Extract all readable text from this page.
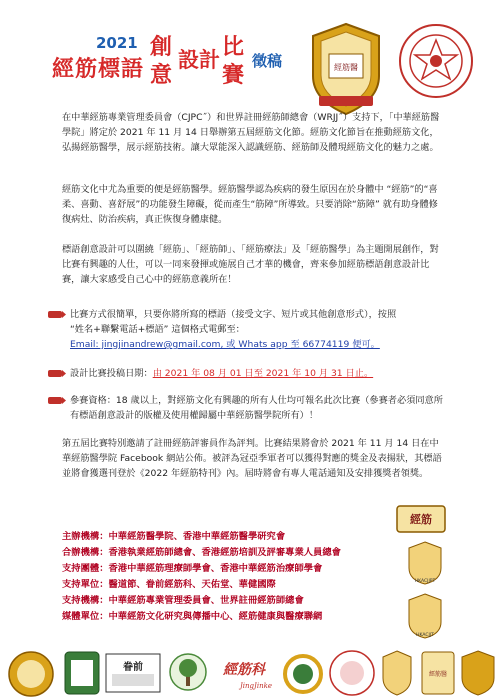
2021
經筋標語
創
意
設計 比
賽
徵稿	經筋醫

在中華經筋專業管理委員會（CJPC˝）和世界註冊經筋師總會（WRJJ˝）支持下，「中華經筋醫學院」將定於 2021 年 11 月 14 日舉辦第五屆經筋文化節。經筋文化節旨在推動經筋文化，弘揚經筋醫學，展示經筋技術。讓大眾能深入認識經筋、經筋師及體現經筋文化的魅力之處。

經筋文化中尤為重要的便是經筋醫學。經筋醫學認為疾病的發生原因在於身體中 “經筋”的“喜柔、喜動、喜舒展”的功能發生障礙，從而產生“筋障”所導致。只要消除“筋障” 就有助身體修復病灶、防治疾病，真正恢復身體康健。

標語創意設計可以圍繞「經筋」、「經筋師」、「經筋療法」及「經筋醫學」為主題開展創作，對比賽有興趣的人仕，可以一同來發揮或施展自己才華的機會，齊來參加經筋標語創意設計比賽，讓大家感受自己心中的經筋意義所在！

比賽方式很簡單，只要你將所寫的標語（接受文字、短片或其他創意形式），按照
“姓名+聯繫電話+標語” 這個格式電郵至：
Email: jingjinandrew@gmail.com, 或 Whats app 至 66774119 便可。
設計比賽投稿日期：由 2021 年 08 月 01 日至 2021 年 10 月 31 日止。
參賽資格：18 歲以上，對經筋文化有興趣的所有人仕均可報名此次比賽（參賽者必須同意所有標語創意設計的版權及使用權歸屬中華經筋醫學院所有）！

第五屆比賽特別邀請了註冊經筋評審員作為評判。比賽結果將會於 2021 年 11 月 14 日在中華經筋醫學院 Facebook 網站公佈。被評為冠亞季軍者可以獲得對應的獎金及表揚狀，其標語並將會獲選刊登於《2022 年經筋特刊》內。屆時將會有專人電話通知及安排獲獎者領獎。

主辦機構：中華經筋醫學院、香港中華經筋醫學研究會
合辦機構：香港執業經筋師總會、香港經筋培訓及評審專業人員總會
支持團體：香港中華經筋理療師學會、香港中華經筋治療師學會
支持單位：醫道節、眷前經筋科、天佑堂、華健國際
支持機構：中華經筋專業管理委員會、世界註冊經筋師總會
媒體單位：中華經筋文化研究與傳播中心、經筋健康與醫療聯網
經筋
HKACJJPT
HKACJJT
眷前	經筋科
JingJinke
經筋醫
